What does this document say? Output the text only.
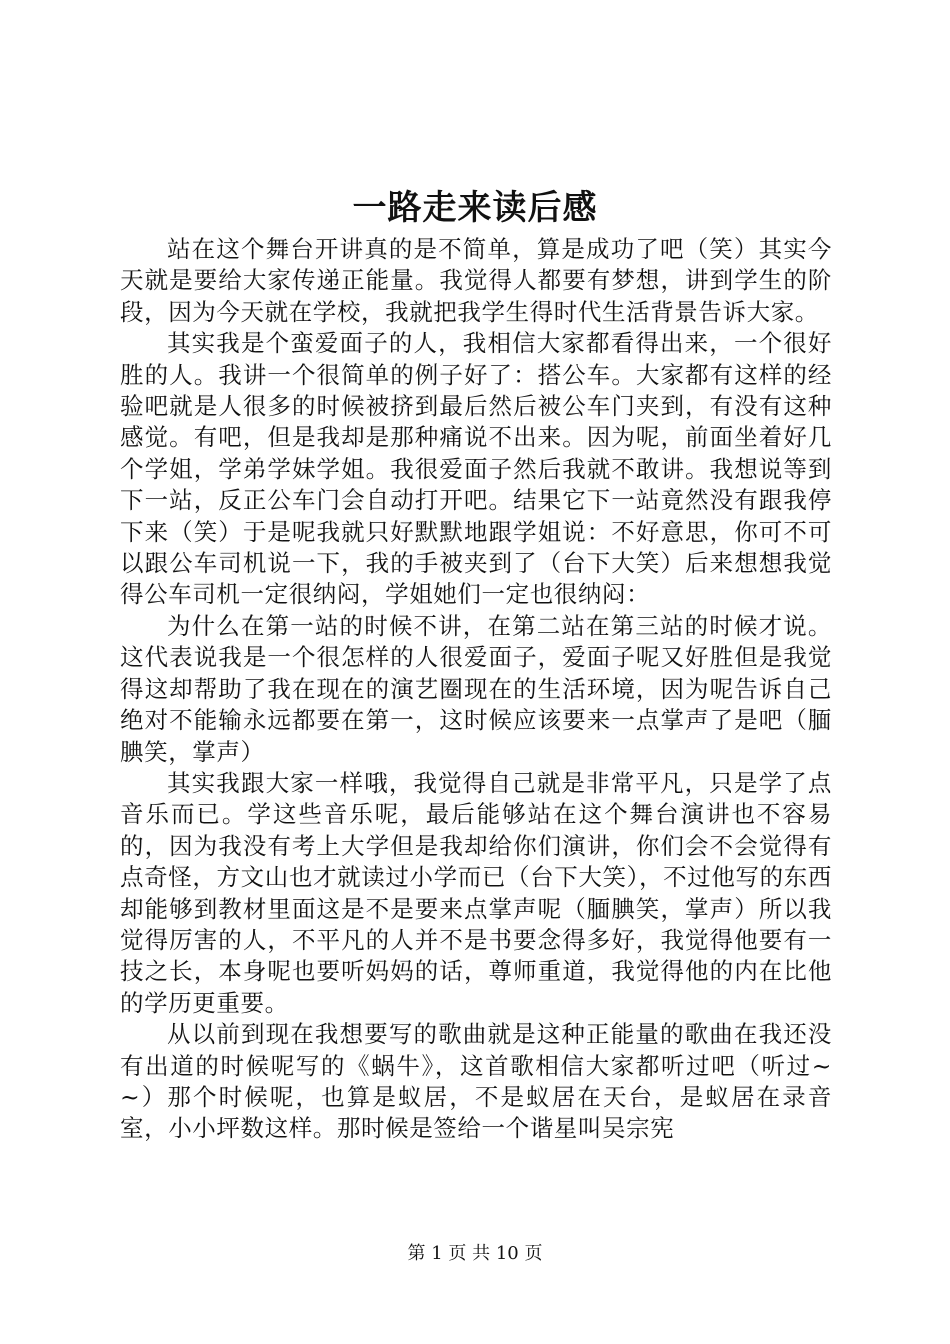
一路走来读后感

站在这个舞台开讲真的是不简单，算是成功了吧（笑）其实今天就是要给大家传递正能量。我觉得人都要有梦想，讲到学生的阶段，因为今天就在学校，我就把我学生得时代生活背景告诉大家。

其实我是个蛮爱面子的人，我相信大家都看得出来，一个很好胜的人。我讲一个很简单的例子好了：搭公车。大家都有这样的经验吧就是人很多的时候被挤到最后然后被公车门夹到，有没有这种感觉。有吧，但是我却是那种痛说不出来。因为呢，前面坐着好几个学姐，学弟学妹学姐。我很爱面子然后我就不敢讲。我想说等到下一站，反正公车门会自动打开吧。结果它下一站竟然没有跟我停下来（笑）于是呢我就只好默默地跟学姐说：不好意思，你可不可以跟公车司机说一下，我的手被夹到了（台下大笑）后来想想我觉得公车司机一定很纳闷，学姐她们一定也很纳闷：

为什么在第一站的时候不讲，在第二站在第三站的时候才说。这代表说我是一个很怎样的人很爱面子，爱面子呢又好胜但是我觉得这却帮助了我在现在的演艺圈现在的生活环境，因为呢告诉自己绝对不能输永远都要在第一，这时候应该要来一点掌声了是吧（腼腆笑，掌声）

其实我跟大家一样哦，我觉得自己就是非常平凡，只是学了点音乐而已。学这些音乐呢，最后能够站在这个舞台演讲也不容易的，因为我没有考上大学但是我却给你们演讲，你们会不会觉得有点奇怪，方文山也才就读过小学而已（台下大笑），不过他写的东西却能够到教材里面这是不是要来点掌声呢（腼腆笑，掌声）所以我觉得厉害的人，不平凡的人并不是书要念得多好，我觉得他要有一技之长，本身呢也要听妈妈的话，尊师重道，我觉得他的内在比他的学历更重要。

从以前到现在我想要写的歌曲就是这种正能量的歌曲在我还没有出道的时候呢写的《蜗牛》，这首歌相信大家都听过吧（听过~~）那个时候呢，也算是蚁居，不是蚁居在天台，是蚁居在录音室，小小坪数这样。那时候是签给一个谐星叫吴宗宪

第 1 页 共 10 页
